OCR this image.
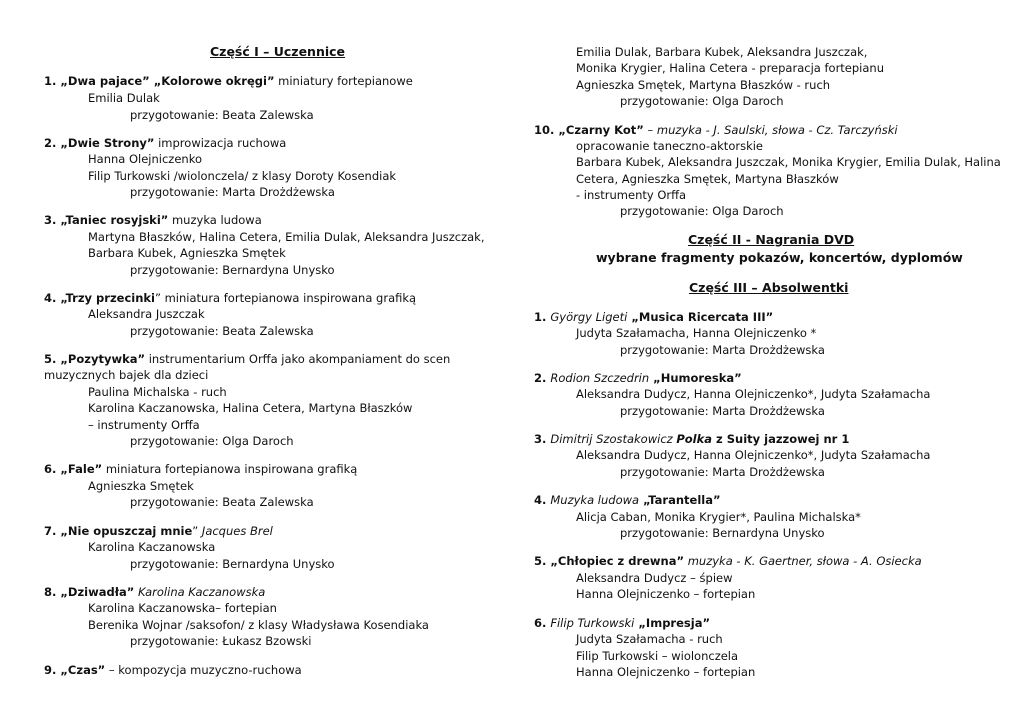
Część I – Uczennice
1. „Dwa pajace” „Kolorowe okręgi” miniatury fortepianowe
Emilia Dulak
przygotowanie: Beata Zalewska
2. „Dwie Strony” improwizacja ruchowa
Hanna Olejniczenko
Filip Turkowski /wiolonczela/ z klasy Doroty Kosendiak
przygotowanie: Marta Drożdżewska
3. „Taniec rosyjski” muzyka ludowa
Martyna Błaszków, Halina Cetera, Emilia Dulak, Aleksandra Juszczak,
Barbara Kubek, Agnieszka Smętek
przygotowanie: Bernardyna Unysko
4. „Trzy przecinki” miniatura fortepianowa inspirowana grafiką
Aleksandra Juszczak
przygotowanie: Beata Zalewska
5. „Pozytywka” instrumentarium Orffa jako akompaniament do scen
muzycznych bajek dla dzieci
Paulina Michalska - ruch
Karolina Kaczanowska, Halina Cetera, Martyna Błaszków
– instrumenty Orffa
przygotowanie: Olga Daroch
6. „Fale” miniatura fortepianowa inspirowana grafiką
Agnieszka Smętek
przygotowanie: Beata Zalewska
7. „Nie opuszczaj mnie” Jacques Brel
Karolina Kaczanowska
przygotowanie: Bernardyna Unysko
8. „Dziwadła” Karolina Kaczanowska
Karolina Kaczanowska– fortepian
Berenika Wojnar /saksofon/ z klasy Władysława Kosendiaka
przygotowanie: Łukasz Bzowski
9. „Czas” – kompozycja muzyczno-ruchowa
Emilia Dulak, Barbara Kubek, Aleksandra Juszczak,
Monika Krygier, Halina Cetera - preparacja fortepianu
Agnieszka Smętek, Martyna Błaszków - ruch
przygotowanie: Olga Daroch
10. „Czarny Kot” – muzyka - J. Saulski, słowa - Cz. Tarczyński
opracowanie taneczno-aktorskie
Barbara Kubek, Aleksandra Juszczak, Monika Krygier, Emilia Dulak, Halina
Cetera, Agnieszka Smętek, Martyna Błaszków
- instrumenty Orffa
przygotowanie: Olga Daroch
Część II - Nagrania DVD
wybrane fragmenty pokazów, koncertów, dyplomów
Część III – Absolwentki
1. György Ligeti „Musica Ricercata III”
Judyta Szałamacha, Hanna Olejniczenko *
przygotowanie: Marta Drożdżewska
2. Rodion Szczedrin „Humoreska”
Aleksandra Dudycz, Hanna Olejniczenko*, Judyta Szałamacha
przygotowanie: Marta Drożdżewska
3. Dimitrij Szostakowicz Polka z Suity jazzowej nr 1
Aleksandra Dudycz, Hanna Olejniczenko*, Judyta Szałamacha
przygotowanie: Marta Drożdżewska
4. Muzyka ludowa „Tarantella”
Alicja Caban, Monika Krygier*, Paulina Michalska*
przygotowanie: Bernardyna Unysko
5. „Chłopiec z drewna” muzyka - K. Gaertner, słowa - A. Osiecka
Aleksandra Dudycz – śpiew
Hanna Olejniczenko – fortepian
6. Filip Turkowski „Impresja”
Judyta Szałamacha - ruch
Filip Turkowski – wiolonczela
Hanna Olejniczenko – fortepian
